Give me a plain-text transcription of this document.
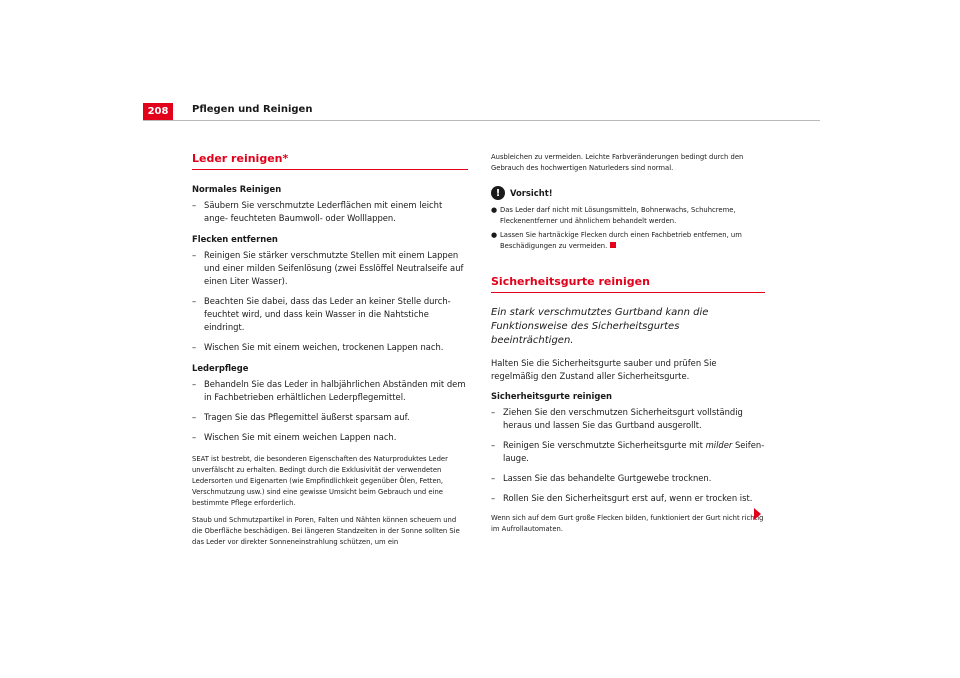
208	Pflegen und Reinigen
Leder reinigen*
Normales Reinigen
– Säubern Sie verschmutzte Lederflächen mit einem leicht ange- feuchteten Baumwoll- oder Wolllappen.
Flecken entfernen
– Reinigen Sie stärker verschmutzte Stellen mit einem Lappen und einer milden Seifenlösung (zwei Esslöffel Neutralseife auf einen Liter Wasser).
– Beachten Sie dabei, dass das Leder an keiner Stelle durch- feuchtet wird, und dass kein Wasser in die Nahtstiche eindringt.
– Wischen Sie mit einem weichen, trockenen Lappen nach.
Lederpflege
– Behandeln Sie das Leder in halbjährlichen Abständen mit dem in Fachbetrieben erhältlichen Lederpflegemittel.
– Tragen Sie das Pflegemittel äußerst sparsam auf.
– Wischen Sie mit einem weichen Lappen nach.
SEAT ist bestrebt, die besonderen Eigenschaften des Naturproduktes Leder unverfälscht zu erhalten. Bedingt durch die Exklusivität der verwendeten Ledersorten und Eigenarten (wie Empfindlichkeit gegenüber Ölen, Fetten, Verschmutzung usw.) sind eine gewisse Umsicht beim Gebrauch und eine bestimmte Pflege erforderlich.
Staub und Schmutzpartikel in Poren, Falten und Nähten können scheuern und die Oberfläche beschädigen. Bei längeren Standzeiten in der Sonne sollten Sie das Leder vor direkter Sonneneinstrahlung schützen, um ein
Ausbleichen zu vermeiden. Leichte Farbveränderungen bedingt durch den Gebrauch des hochwertigen Naturleders sind normal.
!	Vorsicht!
● Das Leder darf nicht mit Lösungsmitteln, Bohnerwachs, Schuhcreme, Fleckenentferner und ähnlichem behandelt werden.
● Lassen Sie hartnäckige Flecken durch einen Fachbetrieb entfernen, um Beschädigungen zu vermeiden.
Sicherheitsgurte reinigen
Ein stark verschmutztes Gurtband kann die Funktionsweise des Sicherheitsgurtes beeinträchtigen.
Halten Sie die Sicherheitsgurte sauber und prüfen Sie regelmäßig den Zustand aller Sicherheitsgurte.
Sicherheitsgurte reinigen
– Ziehen Sie den verschmutzen Sicherheitsgurt vollständig heraus und lassen Sie das Gurtband ausgerollt.
– Reinigen Sie verschmutzte Sicherheitsgurte mit milder Seifen- lauge.
– Lassen Sie das behandelte Gurtgewebe trocknen.
– Rollen Sie den Sicherheitsgurt erst auf, wenn er trocken ist.
Wenn sich auf dem Gurt große Flecken bilden, funktioniert der Gurt nicht richtig im Aufrollautomaten.
